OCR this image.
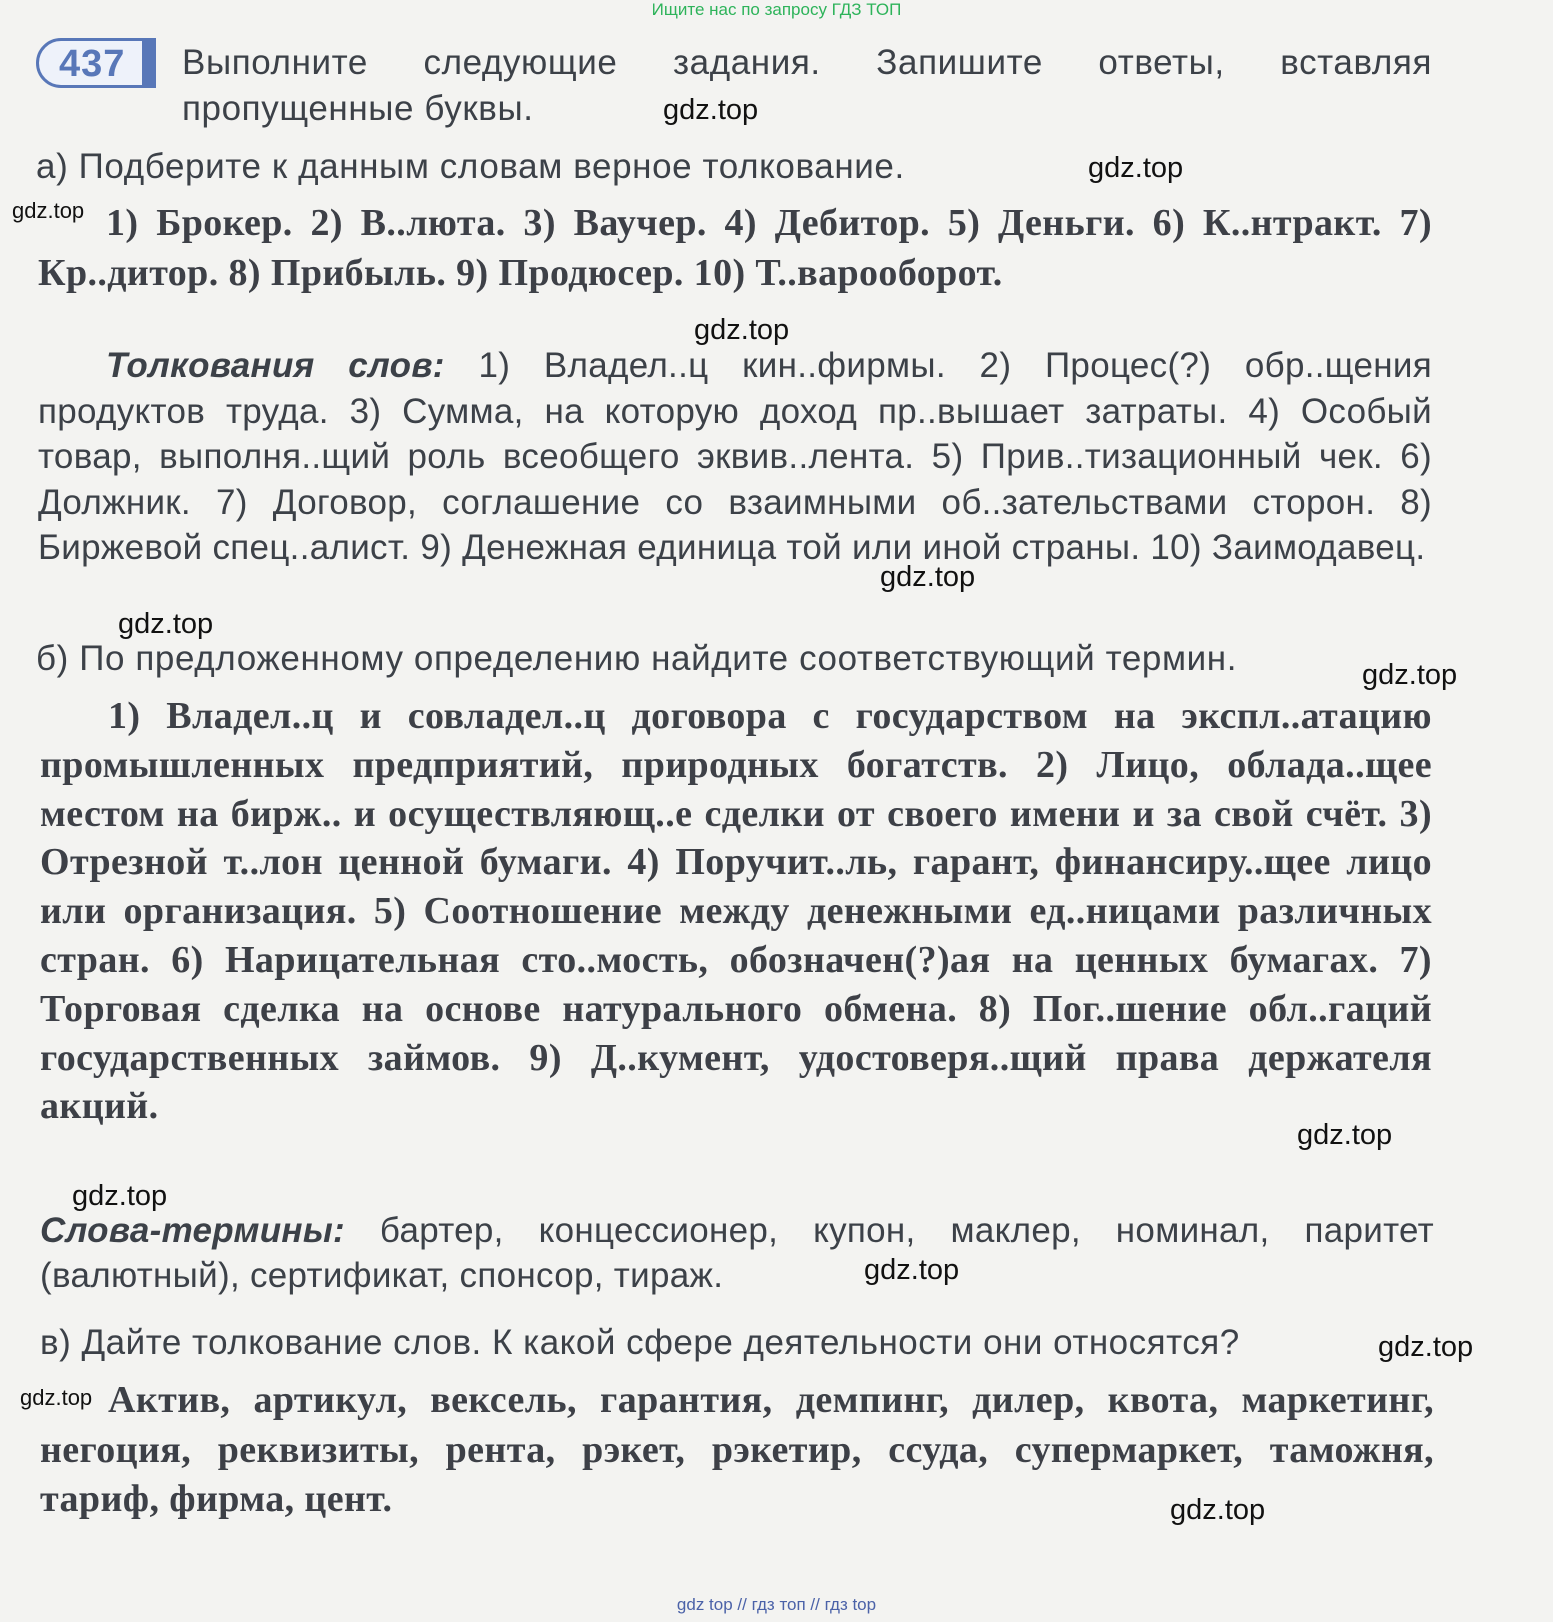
Ищите нас по запросу ГДЗ ТОП
437 Выполните следующие задания. Запишите ответы, вставляя пропущенные буквы.
а) Подберите к данным словам верное толкование.
1) Брокер. 2) В..люта. 3) Ваучер. 4) Дебитор. 5) Деньги. 6) К..нтракт. 7) Кр..дитор. 8) Прибыль. 9) Продюсер. 10) Т..варооборот.
Толкования слов: 1) Владел..ц кин..фирмы. 2) Процес(?) обр..щения продуктов труда. 3) Сумма, на которую доход пр..вышает затраты. 4) Особый товар, выполня..щий роль всеобщего эквив..лента. 5) Прив..тизационный чек. 6) Должник. 7) Договор, соглашение со взаимными об..зательствами сторон. 8) Биржевой спец..алист. 9) Денежная единица той или иной страны. 10) Заимодавец.
б) По предложенному определению найдите соответствующий термин.
1) Владел..ц и совладел..ц договора с государством на экспл..атацию промышленных предприятий, природных богатств. 2) Лицо, облада..щее местом на бирж.. и осуществляющ..е сделки от своего имени и за свой счёт. 3) Отрезной т..лон ценной бумаги. 4) Поручит..ль, гарант, финансиру..щее лицо или организация. 5) Соотношение между денежными ед..ницами различных стран. 6) Нарицательная сто..мость, обозначен(?)ая на ценных бумагах. 7) Торговая сделка на основе натурального обмена. 8) Пог..шение обл..гаций государственных займов. 9) Д..кумент, удостоверя..щий права держателя акций.
Слова-термины: бартер, концессионер, купон, маклер, номинал, паритет (валютный), сертификат, спонсор, тираж.
в) Дайте толкование слов. К какой сфере деятельности они относятся?
Актив, артикул, вексель, гарантия, демпинг, дилер, квота, маркетинг, негоция, реквизиты, рента, рэкет, рэкетир, ссуда, супермаркет, таможня, тариф, фирма, цент.
gdz.top
gdz.top
gdz.top
gdz.top
gdz.top
gdz.top
gdz.top
gdz.top
gdz.top
gdz.top
gdz.top
gdz.top
gdz.top
gdz top // гдз топ // гдз top
